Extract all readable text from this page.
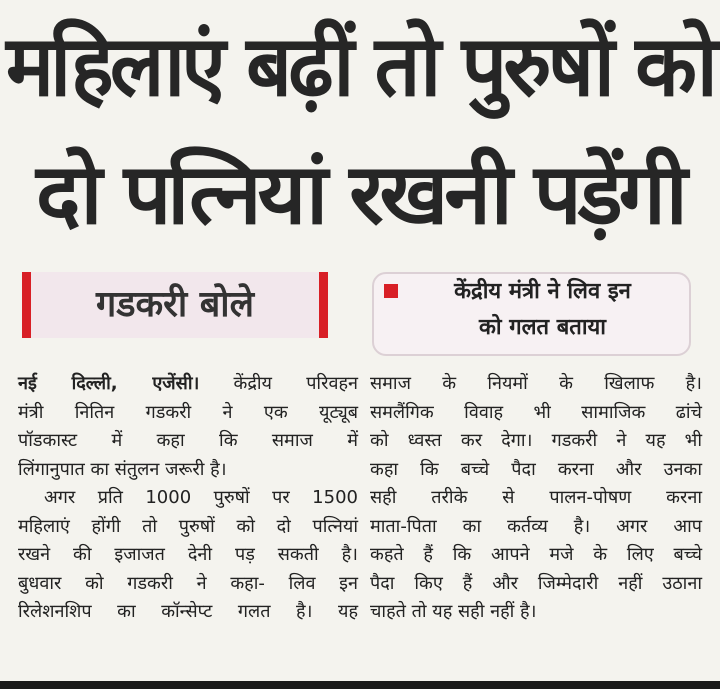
महिलाएं बढ़ीं तो पुरुषों को
दो पत्नियां रखनी पड़ेंगी
गडकरी बोले	केंद्रीय मंत्री ने लिव इन
को गलत बताया
नई दिल्ली, एजेंसी। केंद्रीय परिवहन
मंत्री नितिन गडकरी ने एक यूट्यूब
पॉडकास्ट में कहा कि समाज में
लिंगानुपात का संतुलन जरूरी है।
अगर प्रति 1000 पुरुषों पर 1500
महिलाएं होंगी तो पुरुषों को दो पत्नियां
रखने की इजाजत देनी पड़ सकती है।
बुधवार को गडकरी ने कहा- लिव इन
रिलेशनशिप का कॉन्सेप्ट गलत है। यह
समाज के नियमों के खिलाफ है।
समलैंगिक विवाह भी सामाजिक ढांचे
को ध्वस्त कर देगा। गडकरी ने यह भी
कहा कि बच्चे पैदा करना और उनका
सही तरीके से पालन-पोषण करना
माता-पिता का कर्तव्य है। अगर आप
कहते हैं कि आपने मजे के लिए बच्चे
पैदा किए हैं और जिम्मेदारी नहीं उठाना
चाहते तो यह सही नहीं है।
